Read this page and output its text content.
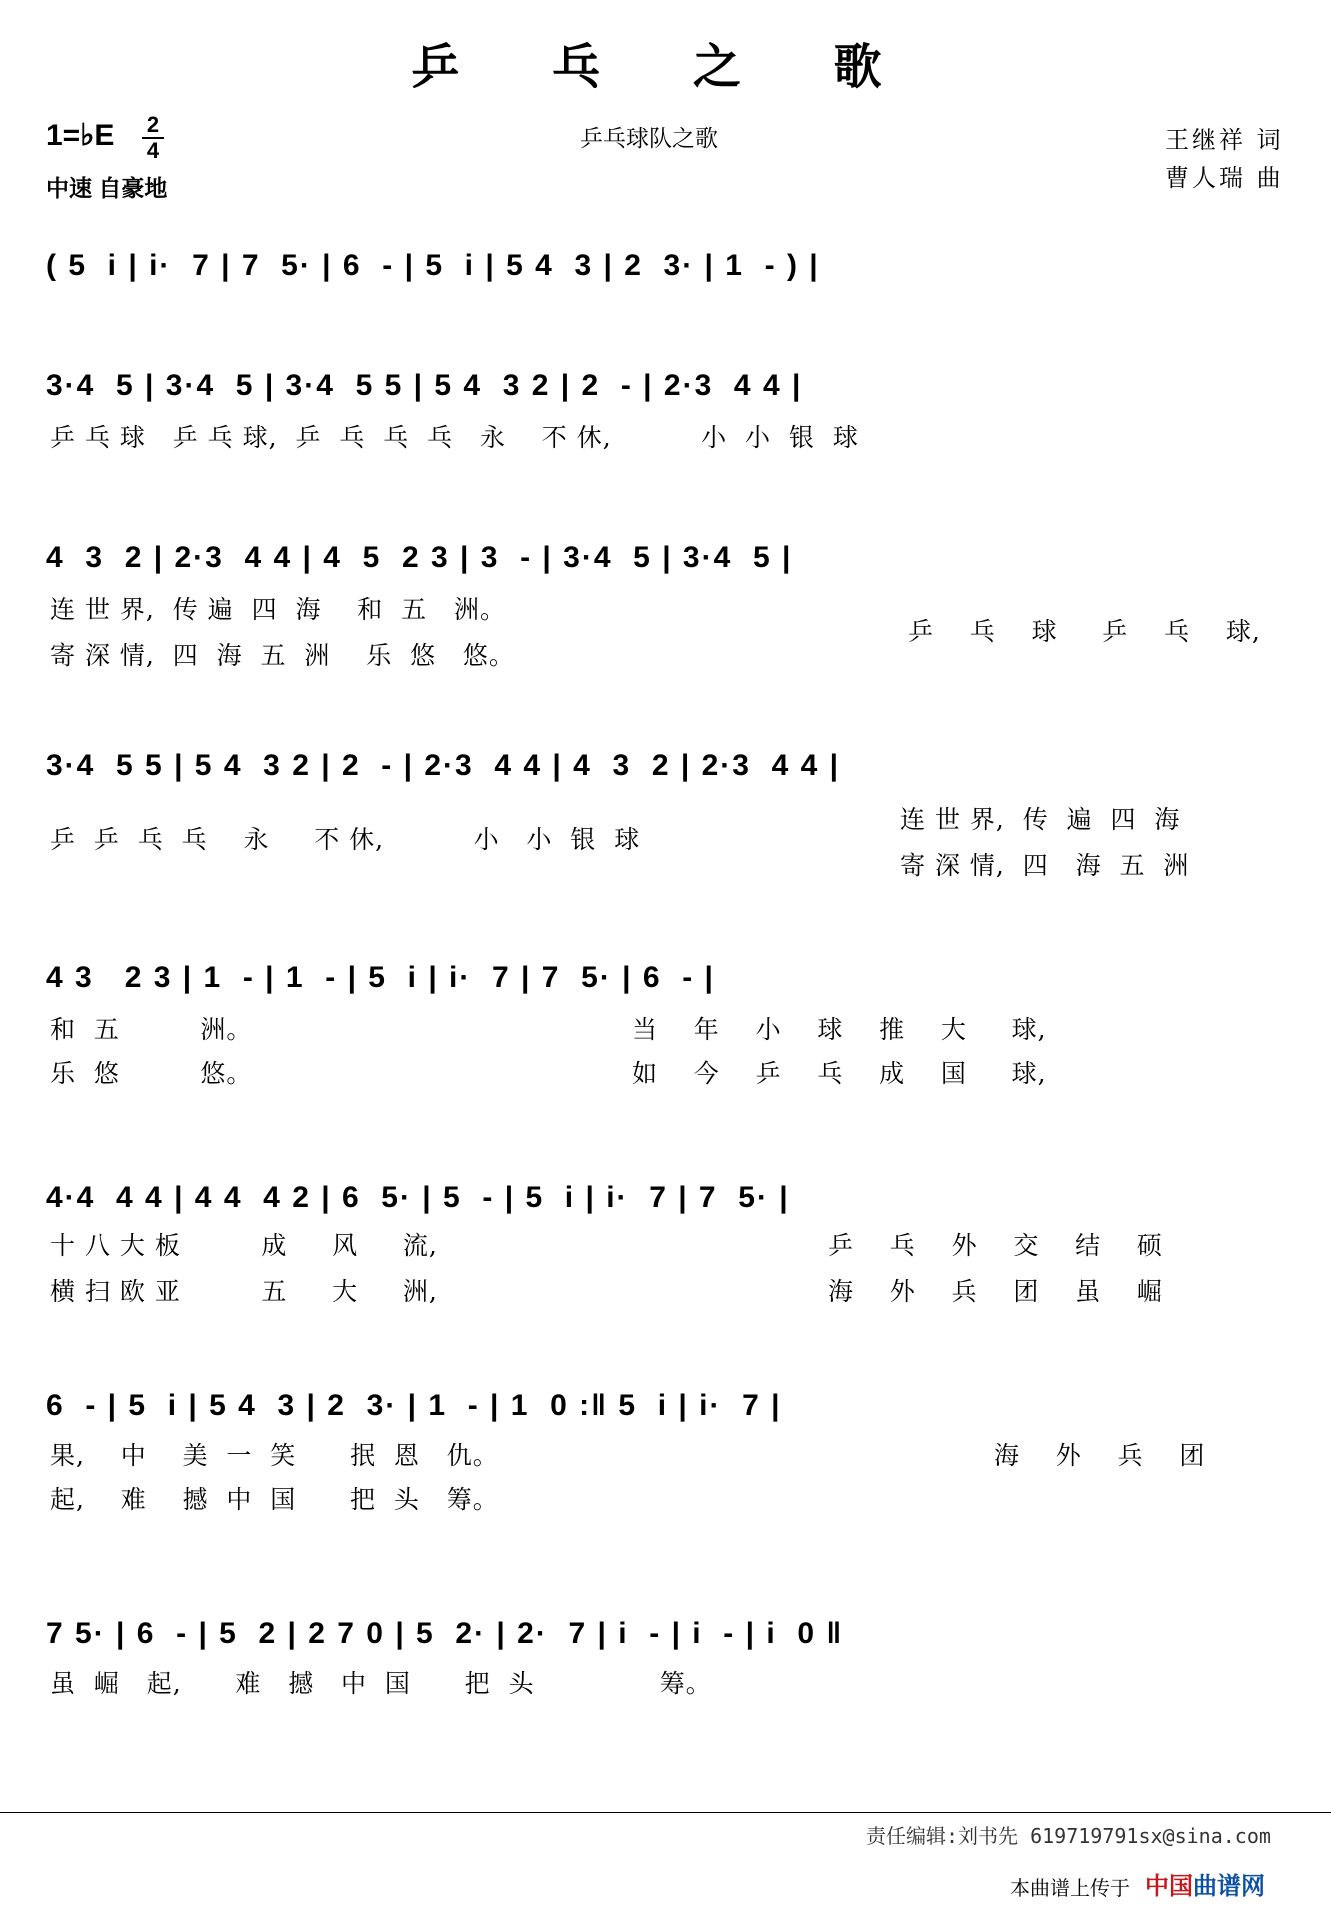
乒 乓 之 歌
1=♭E 2
4
中速 自豪地
乒乓球队之歌	王继祥 词
曹人瑞 曲
( 5  i | i·  7 | 7  5· | 6  - | 5  i | 5 4  3 | 2  3· | 1  - ) |
3·4  5 | 3·4  5 | 3·4  5 5 | 5 4  3 2 | 2  - | 2·3  4 4 |
乒 乓 球   乒 乓 球,  乒  乓  乓  乓   永    不 休,          小  小  银  球
4  3  2 | 2·3  4 4 | 4  5  2 3 | 3  - | 3·4  5 | 3·4  5 |
连 世 界,  传 遍  四  海    和  五   洲。
寄 深 情,  四  海  五  洲    乐  悠   悠。
乒    乓    球     乒    乓    球,
3·4  5 5 | 5 4  3 2 | 2  - | 2·3  4 4 | 4  3  2 | 2·3  4 4 |
乒  乒  乓  乓    永     不 休,          小   小  银  球
连 世 界,  传  遍  四  海
寄 深 情,  四   海  五  洲
4 3   2 3 | 1  - | 1  - | 5  i | i·  7 | 7  5· | 6  - |
和  五         洲。
乐  悠         悠。
当    年    小    球    推    大     球,
如    今    乒    乓    成    国     球,
4·4  4 4 | 4 4  4 2 | 6  5· | 5  - | 5  i | i·  7 | 7  5· |
十 八 大 板         成     风     流,
横 扫 欧 亚         五     大     洲,
乒    乓    外    交    结    硕
海    外    兵    团    虽    崛
6  - | 5  i | 5 4  3 | 2  3· | 1  - | 1  0 :‖ 5  i | i·  7 |
果,    中    美  一  笑      抿  恩   仇。
起,    难    撼  中  国      把  头   筹。
海    外    兵    团
7 5· | 6  - | 5  2 | 2 7 0 | 5  2· | 2·  7 | i  - | i  - | i  0 ‖
虽  崛   起,      难   撼   中  国      把  头              筹。
责任编辑:刘书先 619719791sx@sina.com
本曲谱上传于 中国曲谱网
